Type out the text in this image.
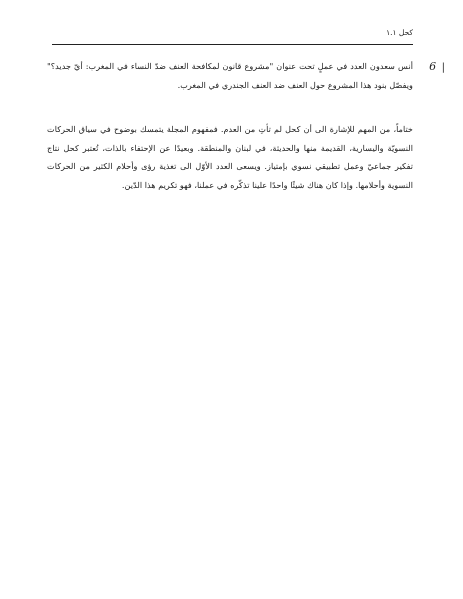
كحل ١.١
6 |

أنس سعدون العدد في عملٍ تحت عنوان "مشروع قانون لمكافحة العنف ضدّ النساء في المغرب: أيّ جديد؟" ويفصّل بنود هذا المشروع حول العنف ضد العنف الجندري في المغرب.

ختاماً، من المهم للإشارة الى أن كحل لم تأتِ من العدم. فمفهوم المجلة يتمسك بوضوح في سياق الحركات النسويّة واليسارية، القديمة منها والحديثة، في لبنان والمنطقة. وبعيدًا عن الإحتفاء بالذات، تُعتبر كحل نتاج تفكير جماعيّ وعمل تطبيقي نسوي بإمتياز. ويسعى العدد الأوّل الى تغذية رؤى وأحلام الكثير من الحركات النسوية وأحلامها. وإذا كان هناك شيئًا واحدًا علينا تذكّره في عملنا، فهو تكريم هذا الدّين.
